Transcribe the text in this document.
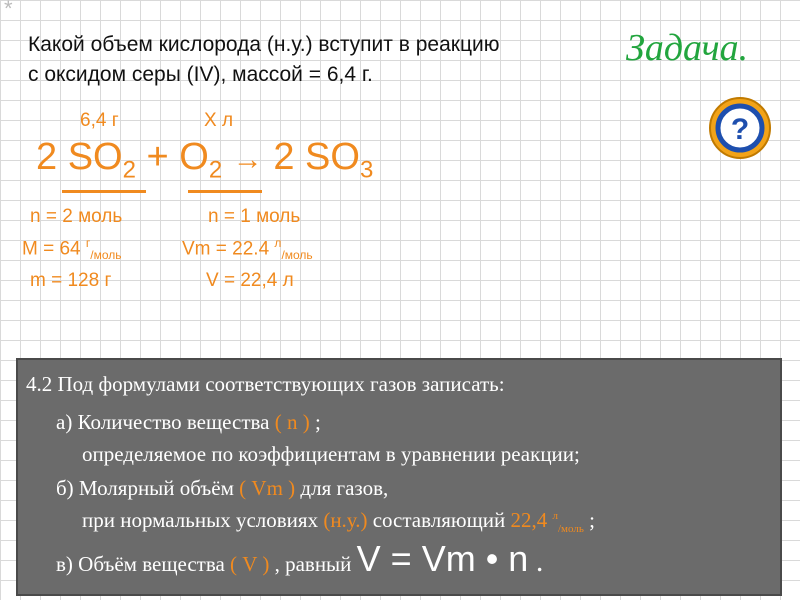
*
Какой объем кислорода (н.у.) вступит в реакцию
с оксидом серы (IV), массой = 6,4 г.
Задача.
?
6,4 г	Х л
2 $SO_2 + O_2 \to 2$ $SO_3$
n = 2 моль
M = 64 $^г_{/моль}$
m = 128 г
n = 1 моль
Vm = 22.4 $^л_{/моль}$
V = 22,4 л
4.2 Под формулами соответствующих газов записать:
а) Количество вещества ( n ) ;
определяемое по коэффициентам в уравнении реакции;
б) Молярный объём ( Vm ) для газов,
при нормальных условиях (н.у.) составляющий 22,4 $^л_{/моль}$ ;
в) Объём вещества ( V ) , равный V = Vm • n .
